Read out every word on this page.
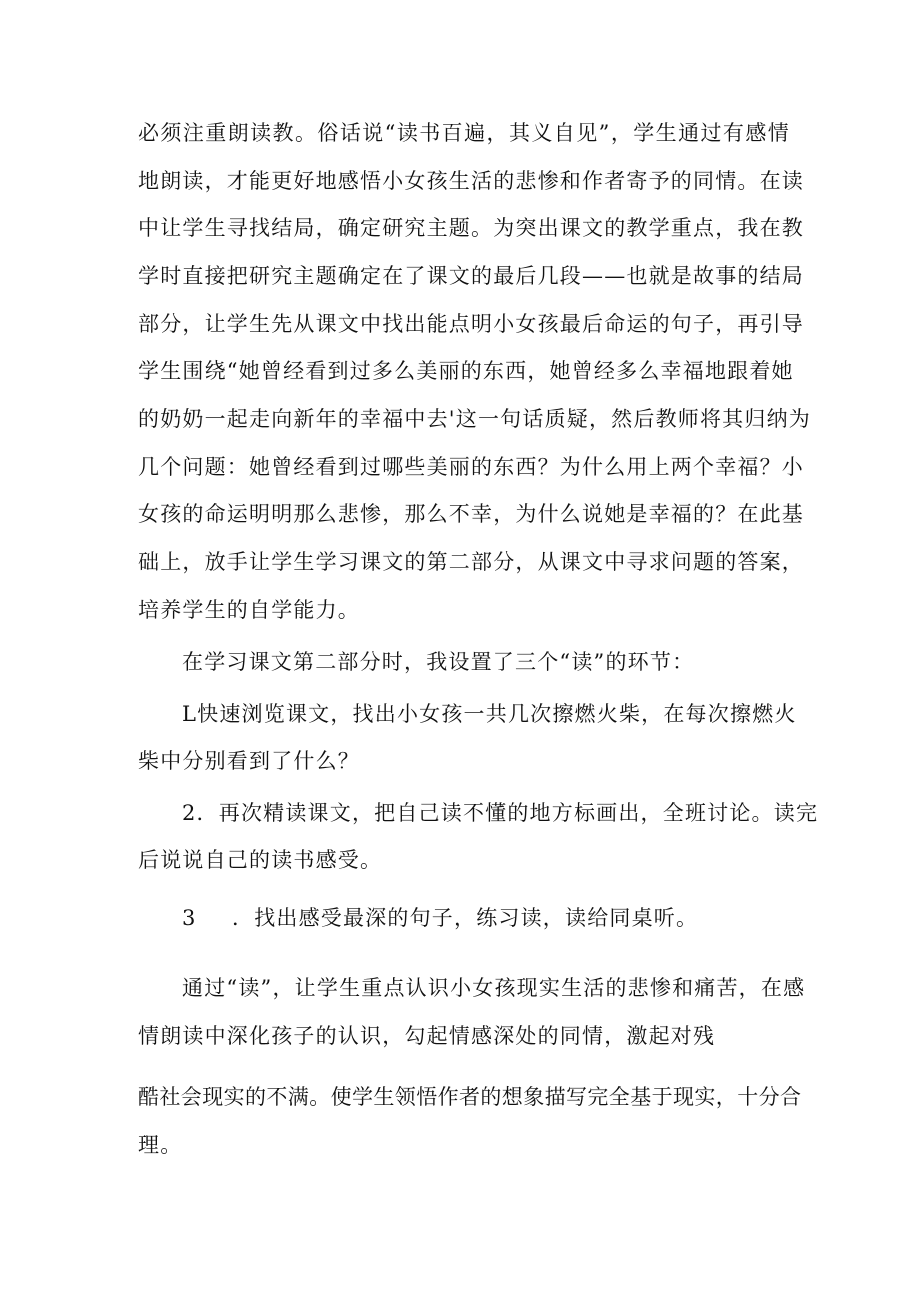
必须注重朗读教。俗话说“读书百遍，其义自见”，学生通过有感情
地朗读，才能更好地感悟小女孩生活的悲惨和作者寄予的同情。在读
中让学生寻找结局，确定研究主题。为突出课文的教学重点，我在教
学时直接把研究主题确定在了课文的最后几段——也就是故事的结局
部分，让学生先从课文中找出能点明小女孩最后命运的句子，再引导
学生围绕“她曾经看到过多么美丽的东西，她曾经多么幸福地跟着她
的奶奶一起走向新年的幸福中去'这一句话质疑，然后教师将其归纳为
几个问题：她曾经看到过哪些美丽的东西？为什么用上两个幸福？小
女孩的命运明明那么悲惨，那么不幸，为什么说她是幸福的？在此基
础上，放手让学生学习课文的第二部分，从课文中寻求问题的答案，
培养学生的自学能力。
在学习课文第二部分时，我设置了三个“读”的环节：
L快速浏览课文，找出小女孩一共几次擦燃火柴，在每次擦燃火
柴中分别看到了什么？
2．再次精读课文，把自己读不懂的地方标画出，全班讨论。读完
后说说自己的读书感受。
3	．找出感受最深的句子，练习读，读给同桌听。
通过“读”，让学生重点认识小女孩现实生活的悲惨和痛苦，在感
情朗读中深化孩子的认识，勾起情感深处的同情，激起对残
酷社会现实的不满。使学生领悟作者的想象描写完全基于现实，十分合
理。
